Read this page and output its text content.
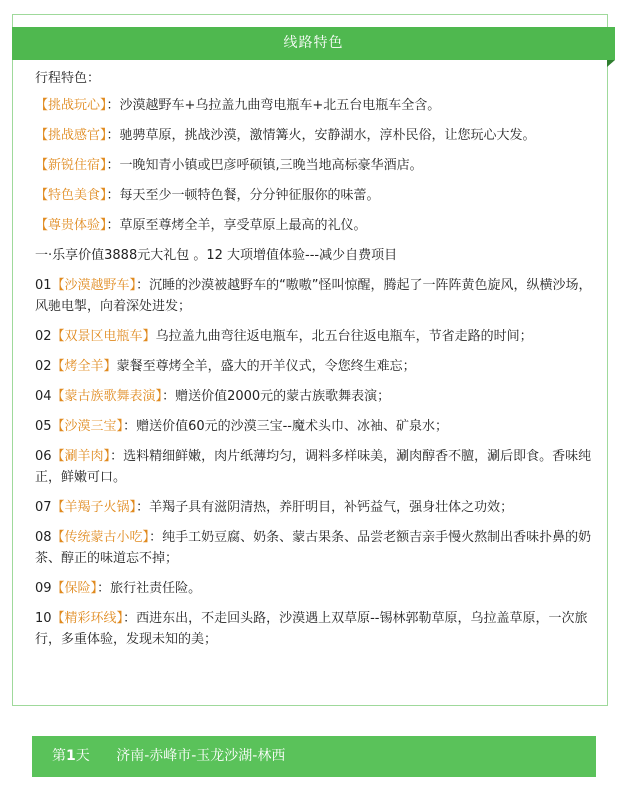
线路特色
行程特色：
【挑战玩心】：沙漠越野车+乌拉盖九曲弯电瓶车+北五台电瓶车全含。
【挑战感官】：驰骋草原，挑战沙漠，激情篝火，安静湖水，淳朴民俗，让您玩心大发。
【新锐住宿】：一晚知青小镇或巴彦呼硕镇,三晚当地高标豪华酒店。
【特色美食】：每天至少一顿特色餐，分分钟征服你的味蕾。
【尊贵体验】：草原至尊烤全羊，享受草原上最高的礼仪。
一·乐享价值3888元大礼包 。12 大项增值体验---减少自费项目
01【沙漠越野车】：沉睡的沙漠被越野车的“嗷嗷”怪叫惊醒，腾起了一阵阵黄色旋风，纵横沙场，风驰电掣，向着深处进发；
02【双景区电瓶车】乌拉盖九曲弯往返电瓶车，北五台往返电瓶车，节省走路的时间；
02【烤全羊】蒙餐至尊烤全羊，盛大的开羊仪式，令您终生难忘；
04【蒙古族歌舞表演】：赠送价值2000元的蒙古族歌舞表演；
05【沙漠三宝】：赠送价值60元的沙漠三宝--魔术头巾、冰袖、矿泉水；
06【涮羊肉】：选料精细鲜嫩，肉片纸薄均匀，调料多样味美，涮肉醇香不膻，涮后即食。香味纯正，鲜嫩可口。
07【羊羯子火锅】：羊羯子具有滋阴清热，养肝明目，补钙益气，强身壮体之功效；
08【传统蒙古小吃】：纯手工奶豆腐、奶条、蒙古果条、品尝老额吉亲手慢火熬制出香味扑鼻的奶茶、醇正的味道忘不掉；
09【保险】：旅行社责任险。
10【精彩环线】：西进东出，不走回头路，沙漠遇上双草原--锡林郭勒草原，乌拉盖草原，一次旅行，多重体验，发现未知的美；
第1天 济南-赤峰市-玉龙沙湖-林西
